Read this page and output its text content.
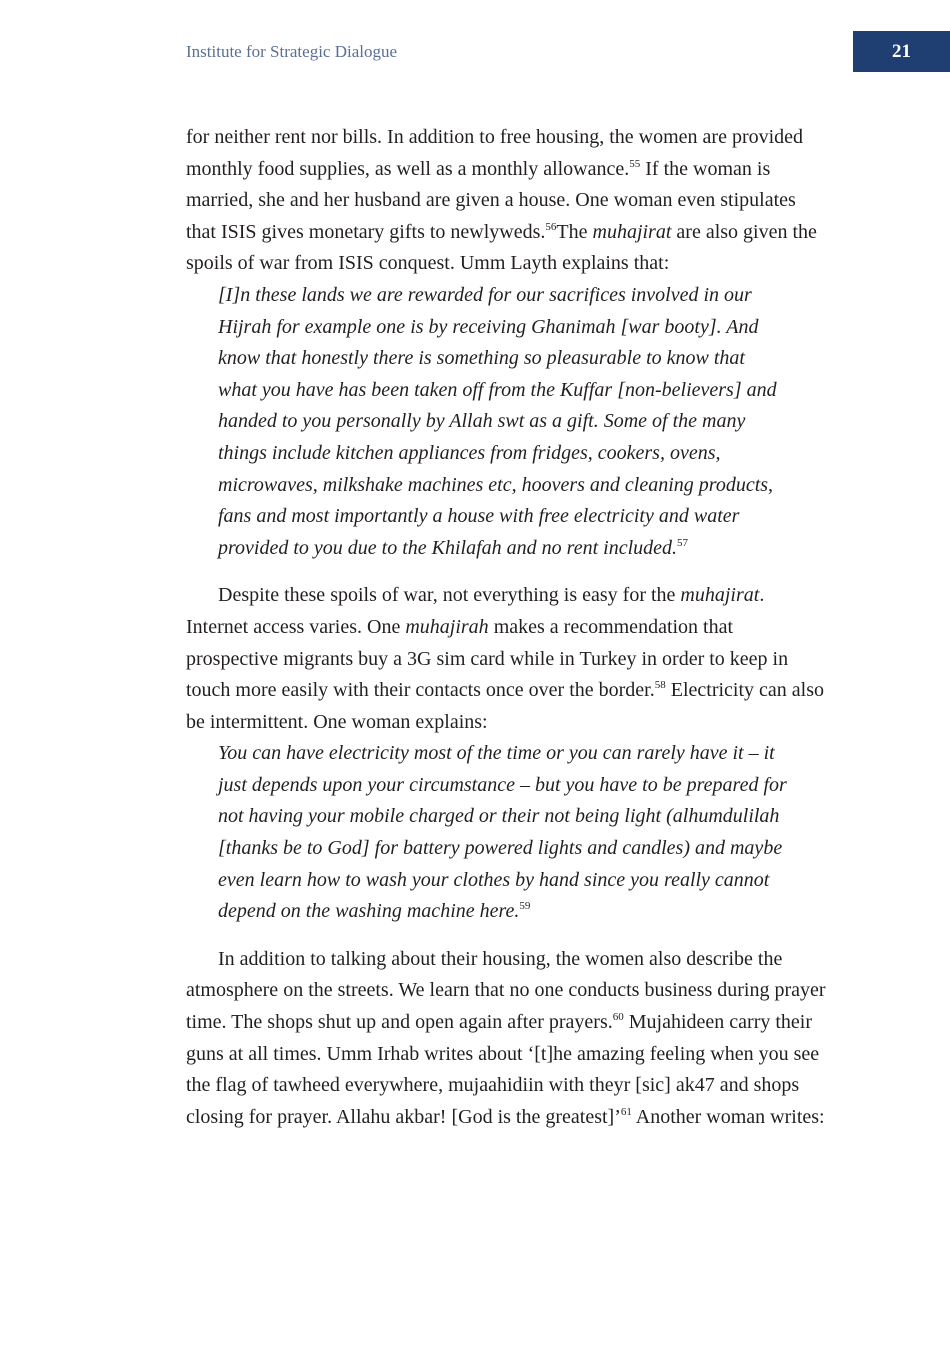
Institute for Strategic Dialogue	21

for neither rent nor bills. In addition to free housing, the women are provided monthly food supplies, as well as a monthly allowance.$^{55}$ If the woman is married, she and her husband are given a house. One woman even stipulates that ISIS gives monetary gifts to newlyweds.$^{56}$The muhajirat are also given the spoils of war from ISIS conquest. Umm Layth explains that:

[I]n these lands we are rewarded for our sacrifices involved in our Hijrah for example one is by receiving Ghanimah [war booty]. And know that honestly there is something so pleasurable to know that what you have has been taken off from the Kuffar [non-believers] and handed to you personally by Allah swt as a gift. Some of the many things include kitchen appliances from fridges, cookers, ovens, microwaves, milkshake machines etc, hoovers and cleaning products, fans and most importantly a house with free electricity and water provided to you due to the Khilafah and no rent included.$^{57}$

Despite these spoils of war, not everything is easy for the muhajirat. Internet access varies. One muhajirah makes a recommendation that prospective migrants buy a 3G sim card while in Turkey in order to keep in touch more easily with their contacts once over the border.$^{58}$ Electricity can also be intermittent. One woman explains:

You can have electricity most of the time or you can rarely have it – it just depends upon your circumstance – but you have to be prepared for not having your mobile charged or their not being light (alhumdulilah [thanks be to God] for battery powered lights and candles) and maybe even learn how to wash your clothes by hand since you really cannot depend on the washing machine here.$^{59}$

In addition to talking about their housing, the women also describe the atmosphere on the streets. We learn that no one conducts business during prayer time. The shops shut up and open again after prayers.$^{60}$ Mujahideen carry their guns at all times. Umm Irhab writes about ‘[t]he amazing feeling when you see the flag of tawheed everywhere, mujaahidiin with theyr [sic] ak47 and shops closing for prayer. Allahu akbar! [God is the greatest]’$^{61}$ Another woman writes:
